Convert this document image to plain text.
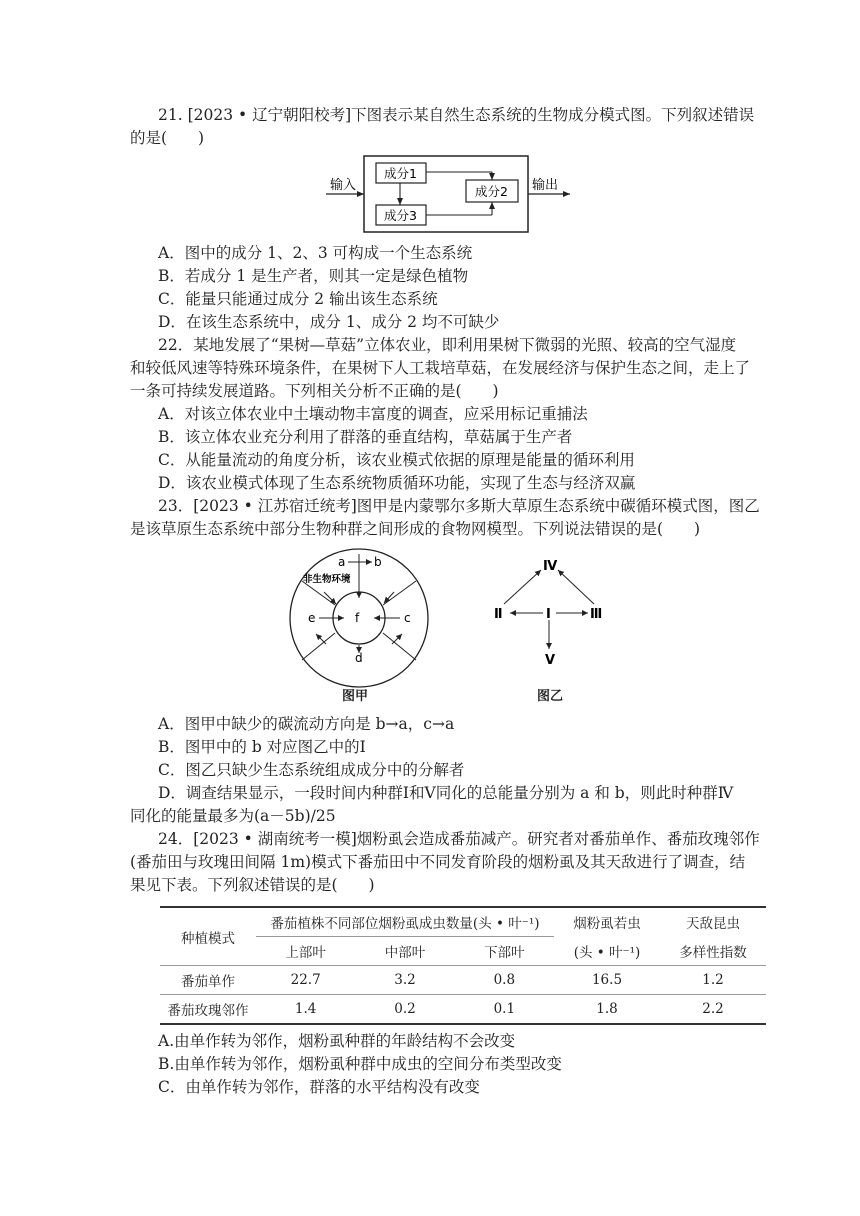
21. [2023 • 辽宁朝阳校考]下图表示某自然生态系统的生物成分模式图。下列叙述错误
的是(　　)
输入	输出
成分1
成分3
成分2
A．图中的成分 1、2、3 可构成一个生态系统
B．若成分 1 是生产者，则其一定是绿色植物
C．能量只能通过成分 2 输出该生态系统
D．在该生态系统中，成分 1、成分 2 均不可缺少
22．某地发展了“果树—草菇”立体农业，即利用果树下微弱的光照、较高的空气湿度
和较低风速等特殊环境条件，在果树下人工栽培草菇，在发展经济与保护生态之间，走上了
一条可持续发展道路。下列相关分析不正确的是(　　)
A．对该立体农业中土壤动物丰富度的调查，应采用标记重捕法
B．该立体农业充分利用了群落的垂直结构，草菇属于生产者
C．从能量流动的角度分析，该农业模式依据的原理是能量的循环利用
D．该农业模式体现了生态系统物质循环功能，实现了生态与经济双赢
23．[2023 • 江苏宿迁统考]图甲是内蒙鄂尔多斯大草原生态系统中碳循环模式图，图乙
是该草原生态系统中部分生物种群之间形成的食物网模型。下列说法错误的是(　　)
a b
非生物环境
e	f	c
d
图甲
Ⅳ
Ⅱ	Ⅰ	Ⅲ
Ⅴ
图乙
A．图甲中缺少的碳流动方向是 b→a，c→a
B．图甲中的 b 对应图乙中的Ⅰ
C．图乙只缺少生态系统组成成分中的分解者
D．调查结果显示，一段时间内种群Ⅰ和Ⅴ同化的总能量分别为 a 和 b，则此时种群Ⅳ
同化的能量最多为(a－5b)/25
24．[2023 • 湖南统考一模]烟粉虱会造成番茄减产。研究者对番茄单作、番茄玫瑰邻作
(番茄田与玫瑰田间隔 1m)模式下番茄田中不同发育阶段的烟粉虱及其天敌进行了调查，结
果见下表。下列叙述错误的是(　　)
种植模式	番茄植株不同部位烟粉虱成虫数量(头 • 叶⁻¹)			烟粉虱若虫	天敌昆虫
	上部叶	中部叶	下部叶	(头 • 叶⁻¹)	多样性指数
番茄单作	22.7	3.2	0.8	16.5	1.2
番茄玫瑰邻作	1.4	0.2	0.1	1.8	2.2
A.由单作转为邻作，烟粉虱种群的年龄结构不会改变
B.由单作转为邻作，烟粉虱种群中成虫的空间分布类型改变
C．由单作转为邻作，群落的水平结构没有改变
